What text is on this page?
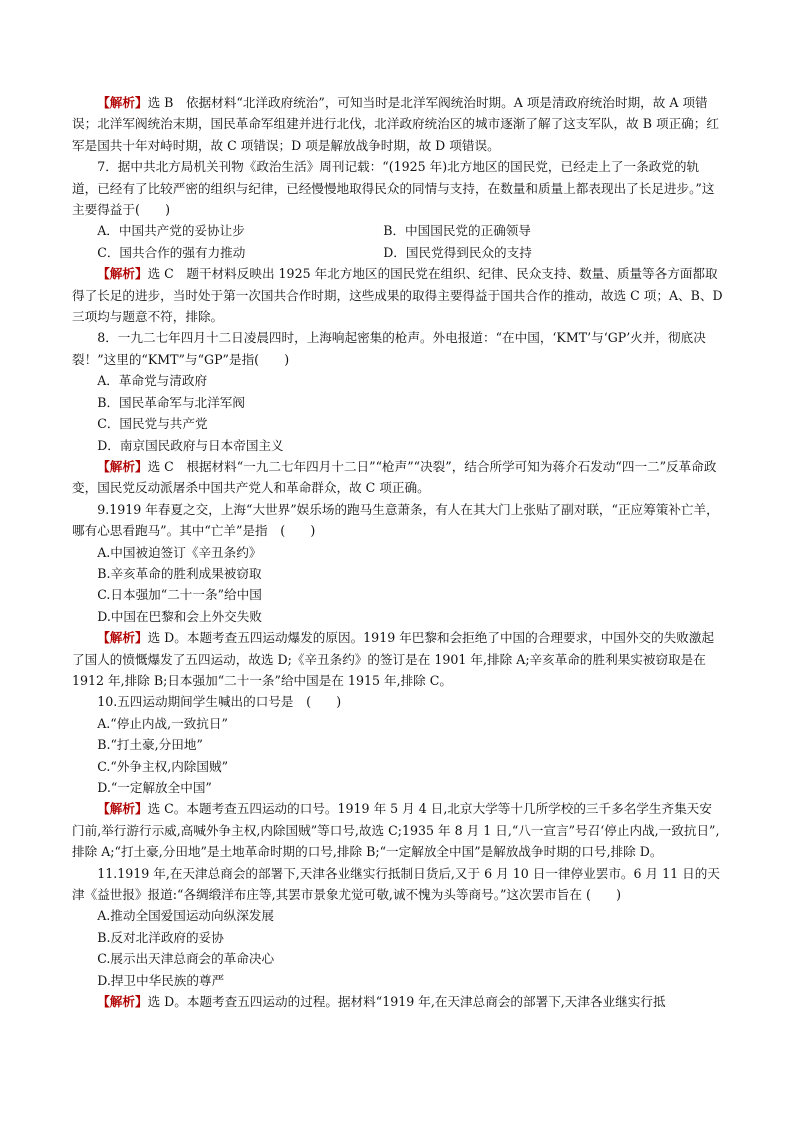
【解析】选 B　依据材料“北洋政府统治”，可知当时是北洋军阀统治时期。A 项是清政府统治时期，故 A 项错误；北洋军阀统治末期，国民革命军组建并进行北伐，北洋政府统治区的城市逐渐了解了这支军队，故 B 项正确；红军是国共十年对峙时期，故 C 项错误；D 项是解放战争时期，故 D 项错误。

7．据中共北方局机关刊物《政治生活》周刊记载：“(1925 年)北方地区的国民党，已经走上了一条政党的轨道，已经有了比较严密的组织与纪律，已经慢慢地取得民众的同情与支持，在数量和质量上都表现出了长足进步。”这主要得益于(　　)

A．中国共产党的妥协让步	B．中国国民党的正确领导
C．国共合作的强有力推动	D．国民党得到民众的支持

【解析】选 C　题干材料反映出 1925 年北方地区的国民党在组织、纪律、民众支持、数量、质量等各方面都取得了长足的进步，当时处于第一次国共合作时期，这些成果的取得主要得益于国共合作的推动，故选 C 项；A、B、D 三项均与题意不符，排除。

8．一九二七年四月十二日凌晨四时，上海响起密集的枪声。外电报道：“在中国，‘KMT’与‘GP’火并，彻底决裂！”这里的“KMT”与“GP”是指(　　)

A．革命党与清政府

B．国民革命军与北洋军阀

C．国民党与共产党

D．南京国民政府与日本帝国主义

【解析】选 C　根据材料“一九二七年四月十二日”“枪声”“决裂”，结合所学可知为蒋介石发动“四一二”反革命政变，国民党反动派屠杀中国共产党人和革命群众，故 C 项正确。

9.1919 年春夏之交，上海“大世界”娱乐场的跑马生意萧条，有人在其大门上张贴了副对联，“正应筹策补亡羊，哪有心思看跑马”。其中“亡羊”是指　(　　)

A.中国被迫签订《辛丑条约》

B.辛亥革命的胜利成果被窃取

C.日本强加“二十一条”给中国

D.中国在巴黎和会上外交失败

【解析】选 D。本题考查五四运动爆发的原因。1919 年巴黎和会拒绝了中国的合理要求，中国外交的失败激起了国人的愤慨爆发了五四运动，故选 D;《辛丑条约》的签订是在 1901 年,排除 A;辛亥革命的胜利果实被窃取是在 1912 年,排除 B;日本强加“二十一条”给中国是在 1915 年,排除 C。

10.五四运动期间学生喊出的口号是　(　　)

A.“停止内战,一致抗日”

B.“打土豪,分田地”

C.“外争主权,内除国贼”

D.“一定解放全中国”

【解析】选 C。本题考查五四运动的口号。1919 年 5 月 4 日,北京大学等十几所学校的三千多名学生齐集天安门前,举行游行示威,高喊外争主权,内除国贼”等口号,故选 C;1935 年 8 月 1 日,“八一宣言”号召‘停止内战,一致抗日”,排除 A;“打土豪,分田地”是土地革命时期的口号,排除 B;“一定解放全中国”是解放战争时期的口号,排除 D。

11.1919 年,在天津总商会的部署下,天津各业继实行抵制日货后,又于 6 月 10 日一律停业罢市。6 月 11 日的天津《益世报》报道:“各绸缎洋布庄等,其罢市景象尤觉可敬,诚不愧为头等商号。”这次罢市旨在 (　　)

A.推动全国爱国运动向纵深发展

B.反对北洋政府的妥协

C.展示出天津总商会的革命决心

D.捍卫中华民族的尊严

【解析】选 D。本题考查五四运动的过程。据材料“1919 年,在天津总商会的部署下,天津各业继实行抵
